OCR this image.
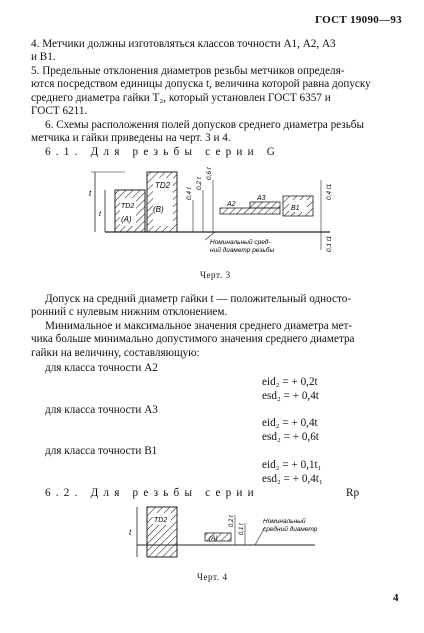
ГОСТ 19090—93
4. Метчики должны изготовляться классов точности А1, А2, А3
и В1.
5. Предельные отклонения диаметров резьбы метчиков определя-
ются посредством единицы допуска t, величина которой равна допуску
среднего диаметра гайки T₂, который установлен ГОСТ 6357 и
ГОСТ 6211.
6. Схемы расположения полей допусков среднего диаметра резьбы
метчика и гайки приведены на черт. 3 и 4.
6.1. Для резьбы серии G
t
t
TD2
(A)
TD2
(B)
0,4 t
0,2 t
0,6 t
A2
A3
B1
0,4 t1
0,1 t1
Номинальный сред-
ний диаметр резьбы
Черт. 3
Допуск на средний диаметр гайки t — положительный односто-
ронний с нулевым нижним отклонением.
Минимальное и максимальное значения среднего диаметра мет-
чика больше минимально допустимого значения среднего диаметра
гайки на величину, составляющую:
для класса точности А2
eid₂ = + 0,2t
esd₂ = + 0,4t
для класса точности А3
eid₂ = + 0,4t
esd₂ = + 0,6t
для класса точности В1
eid₂ = + 0,1t₁
esd₂ = + 0,4t₁
6.2. Для резьбы серии	Rp
t
TD2
(A)
0,2 t
0,1 t
Номинальный
средний диаметр
Черт. 4
4
